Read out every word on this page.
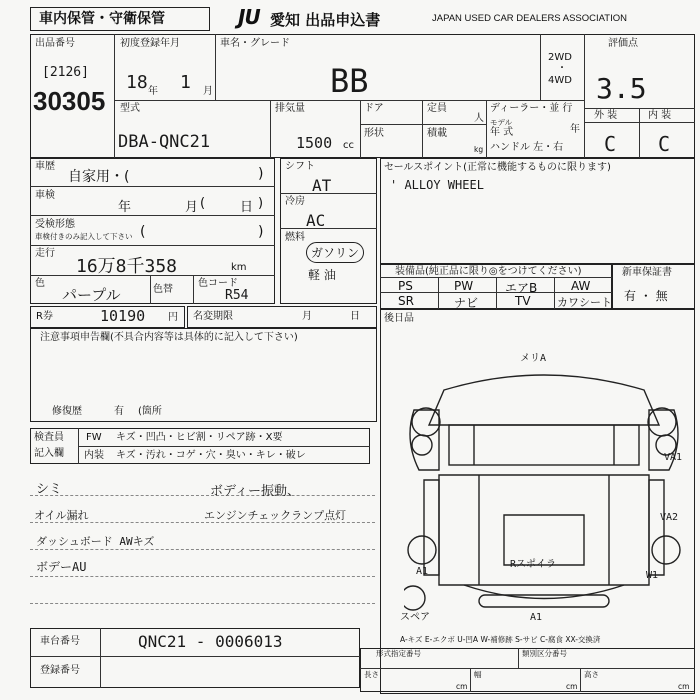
車内保管・守衛保管	JU 愛知 出品申込書	JAPAN USED CAR DEALERS ASSOCIATION
出品番号
[2126]
30305
初度登録年月
18 年 1 月
車名・グレード
BB
2WD
・
4WD
評価点
3.5
外 装	内 装
C C
型式
DBA-QNC21
排気量
1500 cc
ドア	定員
人
形状	積載
kg
ディーラー・並 行
モデル
年 式	年
ハンドル 左・右
車歴
自家用・(	)
車検
年	月 (	日 )
受検形態
車検付きのみ記入して下さい (	)
走行
16万8千358	km
色
パープル	色替
色コード
R54
シフト
AT
冷房
AC
燃料
ガソリン
軽 油
セールスポイント(正常に機能するものに限ります)
' ALLOY WHEEL
装備品(純正品に限り◎をつけてください)
PS	PW	エアB	AW
SR	ナビ	TV カワシート
新車保証書
有 ・ 無
R券	10190 円 名変期限	月	日
注意事項申告欄(不具合内容等は具体的に記入して下さい)
修復歴	有 (箇所
後日品
メリA
VA1
VA2
A1	W1
A1
Rスポイラ
スペア
A-キズ E-エクボ U-凹A W-補修跡 S-サビ C-腐食 XX-交換済
検査員
記入欄
FW キズ・凹凸・ヒビ割・リペア跡・X要
内装 キズ・汚れ・コゲ・穴・臭い・キレ・破レ
シミ	ボディー振動、
オイル漏れ	エンジンチェックランプ点灯
ダッシュボード AWキズ
ボデーAU
車台番号	QNC21 - 0006013
登録番号
形式指定番号	類別区分番号
長さ
cm
幅
cm
高さ
cm
